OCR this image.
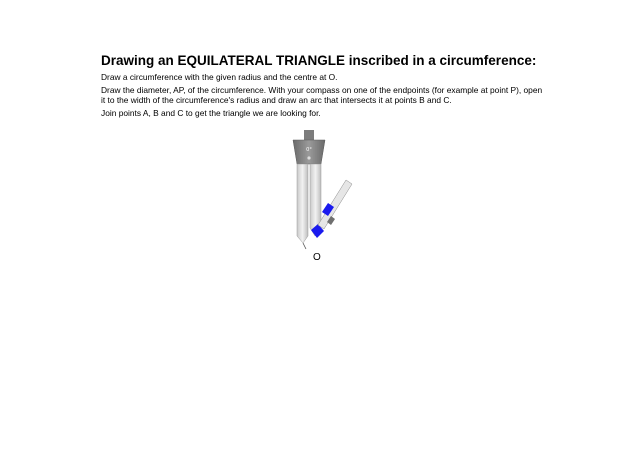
Drawing an EQUILATERAL TRIANGLE inscribed in a circumference:

Draw a circumference with the given radius and the centre at O.

Draw the diameter, AP, of the circumference. With your compass on one of the endpoints (for example at point P), open it to the width of the circumference's radius and draw an arc that intersects it at points B and C.

Join points A, B and C to get the triangle we are looking for.

0°
O
